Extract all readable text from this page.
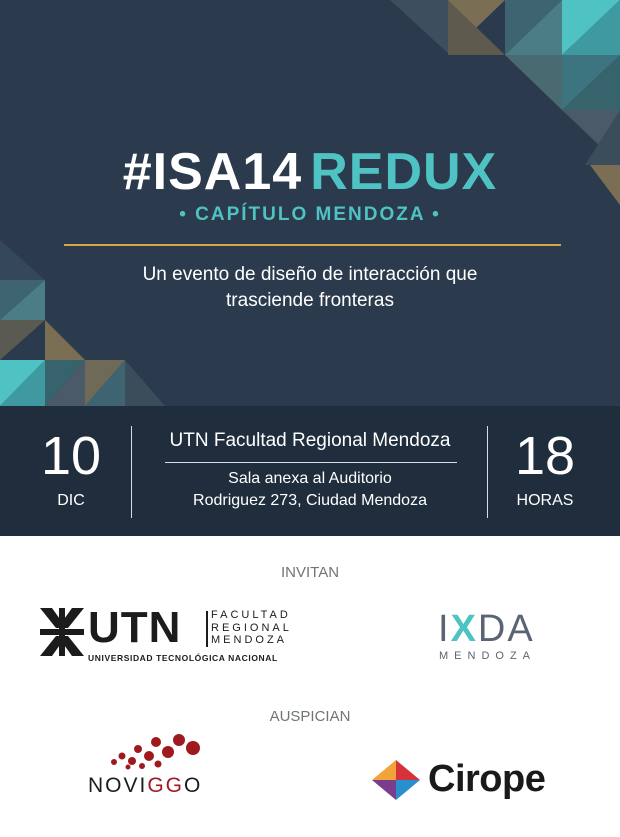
#ISA14 REDUX
• CAPÍTULO MENDOZA •
Un evento de diseño de interacción que
trasciende fronteras
10
DIC
UTN Facultad Regional Mendoza
Sala anexa al Auditorio
Rodriguez 273, Ciudad Mendoza
18
HORAS
INVITAN
UTN	FACULTAD
REGIONAL
MENDOZA
UNIVERSIDAD TECNOLÓGICA NACIONAL
IXDA
MENDOZA
AUSPICIAN
NOVIGGO	Cirope
